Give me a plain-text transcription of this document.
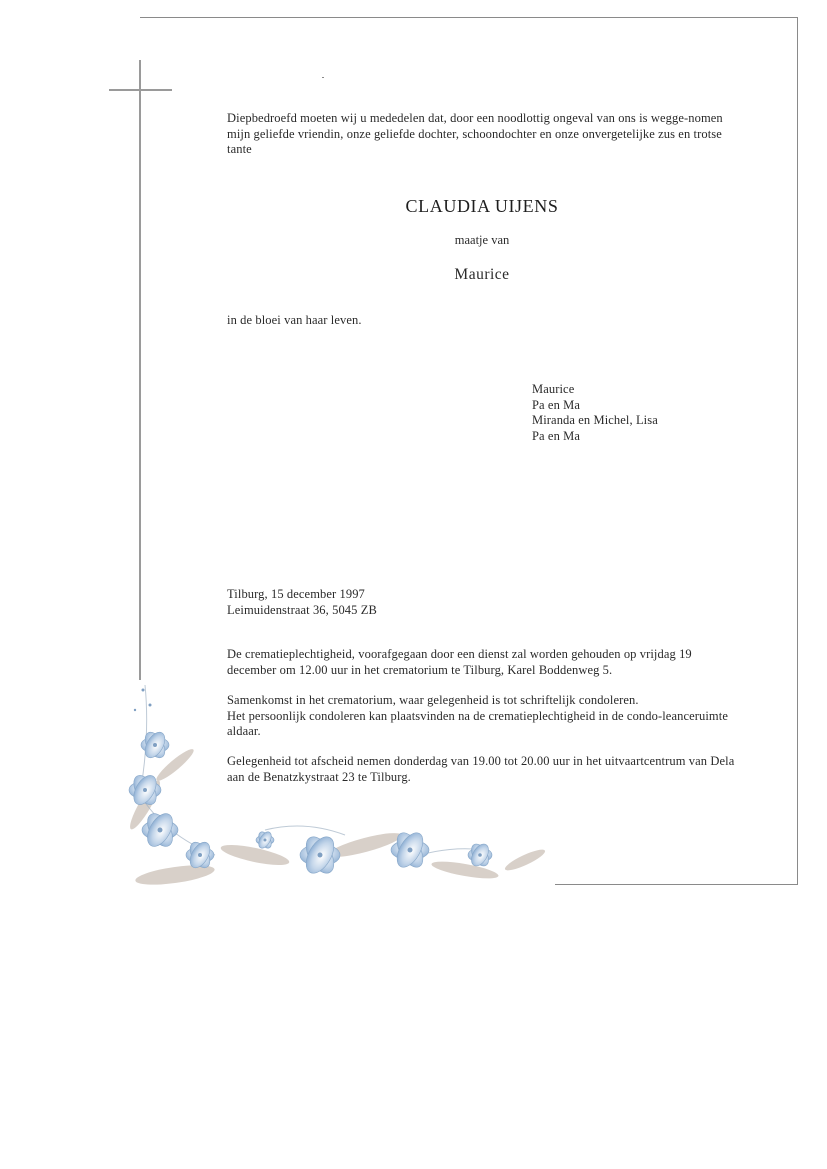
Diepbedroefd moeten wij u mededelen dat, door een noodlottig ongeval van ons is wegge-nomen mijn geliefde vriendin, onze geliefde dochter, schoondochter en onze onvergetelijke zus en trotse tante
CLAUDIA UIJENS
maatje van
Maurice
in de bloei van haar leven.
Maurice
Pa en Ma
Miranda en Michel, Lisa
Pa en Ma
Tilburg, 15 december 1997
Leimuidenstraat 36, 5045 ZB
De crematieplechtigheid, voorafgegaan door een dienst zal worden gehouden op vrijdag 19 december om 12.00 uur in het crematorium te Tilburg, Karel Boddenweg 5.
Samenkomst in het crematorium, waar gelegenheid is tot schriftelijk condoleren.
Het persoonlijk condoleren kan plaatsvinden na de crematieplechtigheid in de condo-leanceruimte aldaar.
Gelegenheid tot afscheid nemen donderdag van 19.00 tot 20.00 uur in het uitvaartcentrum van Dela aan de Benatzkystraat 23 te Tilburg.
